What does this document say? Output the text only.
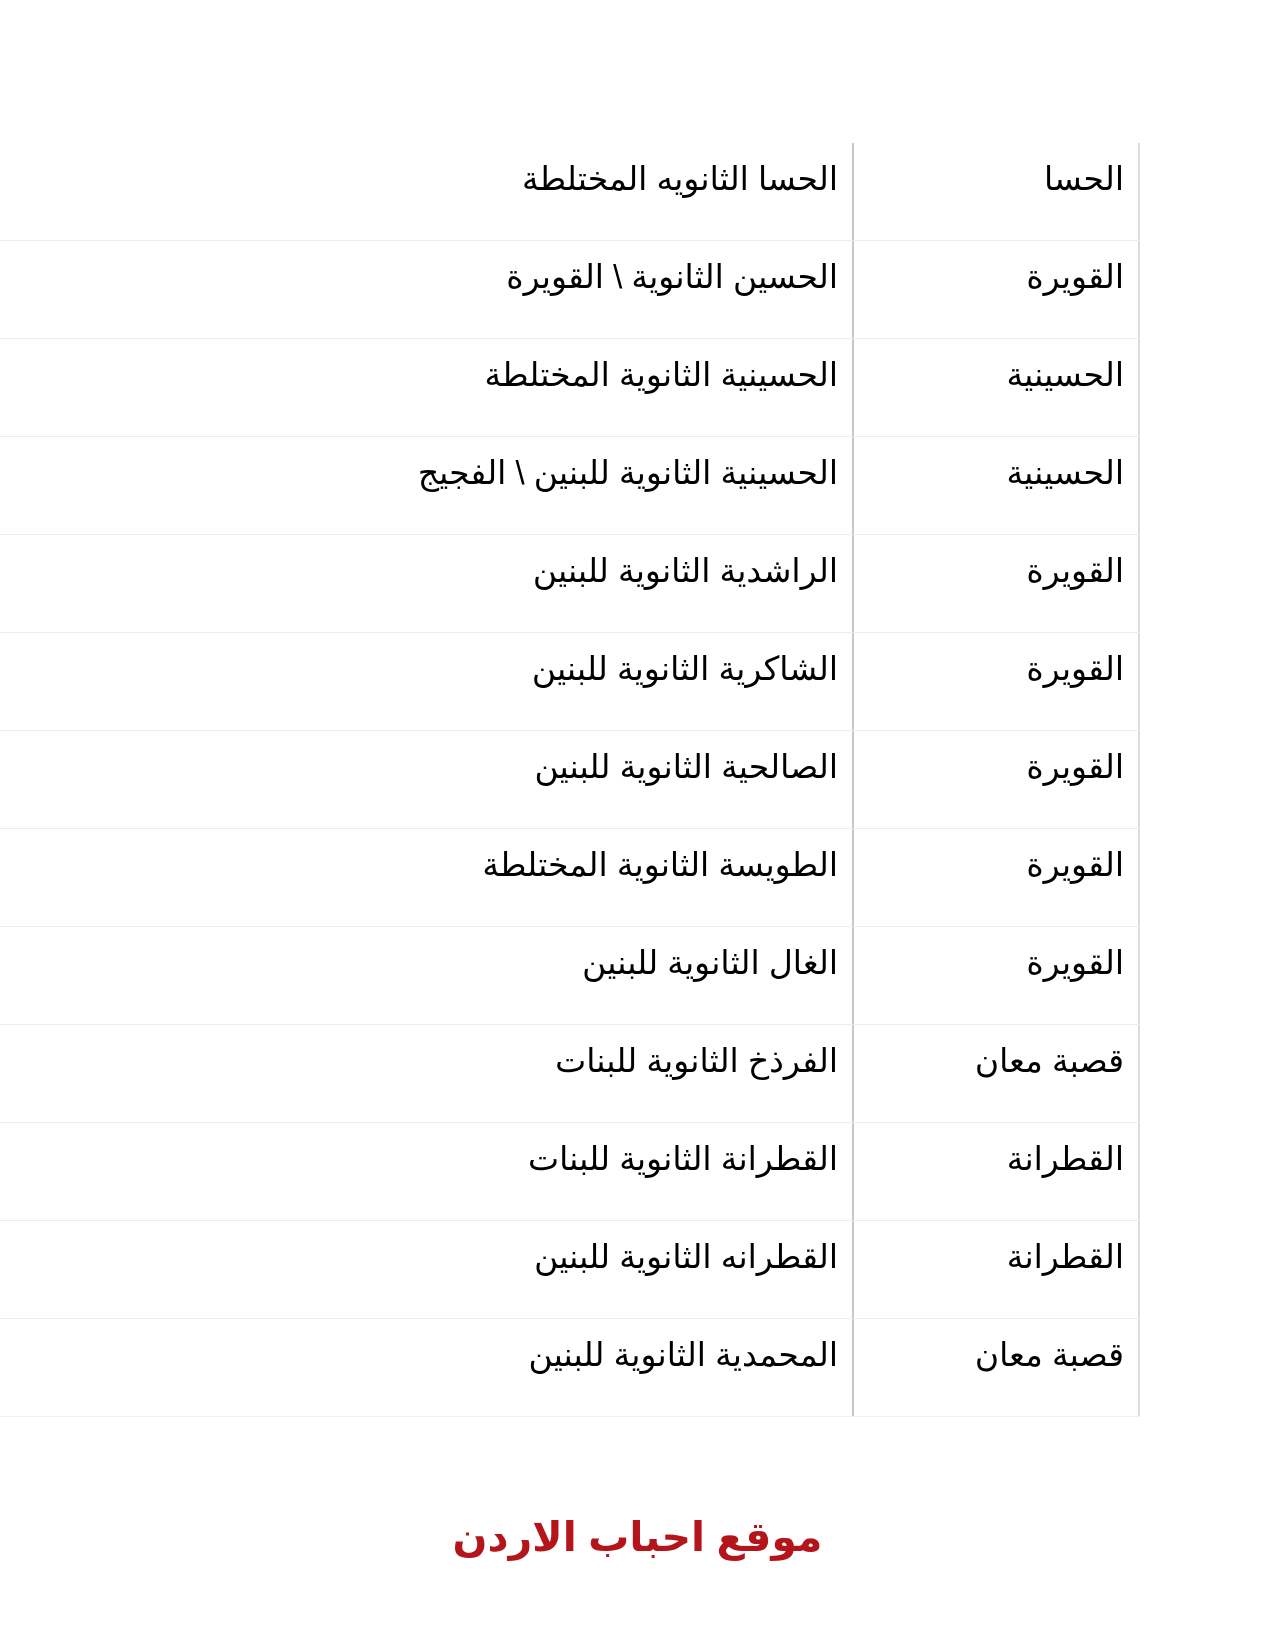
الحسا
الحسا الثانويه المختلطة
القويرة
الحسين الثانوية \ القويرة
الحسينية
الحسينية الثانوية المختلطة
الحسينية
الحسينية الثانوية للبنين \ الفجيج
القويرة
الراشدية الثانوية للبنين
القويرة
الشاكرية الثانوية للبنين
القويرة
الصالحية الثانوية للبنين
القويرة
الطويسة الثانوية المختلطة
القويرة
الغال الثانوية للبنين
قصبة معان
الفرذخ الثانوية للبنات
القطرانة
القطرانة الثانوية للبنات
القطرانة
القطرانه الثانوية للبنين
قصبة معان
المحمدية الثانوية للبنين
موقع احباب الاردن
